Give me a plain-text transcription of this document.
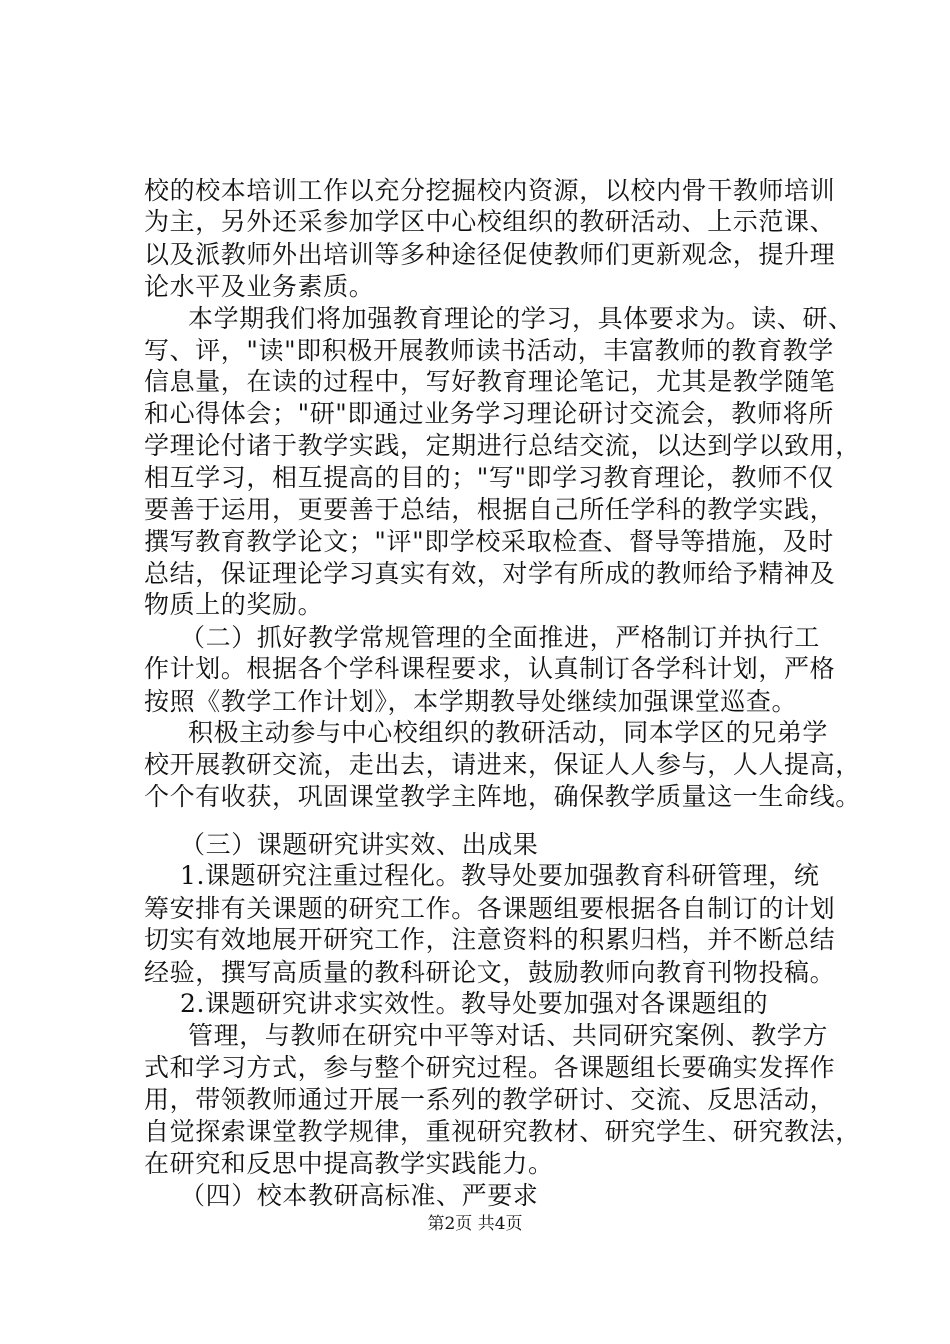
校的校本培训工作以充分挖掘校内资源，以校内骨干教师培训
为主，另外还采参加学区中心校组织的教研活动、上示范课、
以及派教师外出培训等多种途径促使教师们更新观念，提升理
论水平及业务素质。
本学期我们将加强教育理论的学习，具体要求为。读、研、
写、评，"读"即积极开展教师读书活动，丰富教师的教育教学
信息量，在读的过程中，写好教育理论笔记，尤其是教学随笔
和心得体会；"研"即通过业务学习理论研讨交流会，教师将所
学理论付诸于教学实践，定期进行总结交流，以达到学以致用，
相互学习，相互提高的目的；"写"即学习教育理论，教师不仅
要善于运用，更要善于总结，根据自己所任学科的教学实践，
撰写教育教学论文；"评"即学校采取检查、督导等措施，及时
总结，保证理论学习真实有效，对学有所成的教师给予精神及
物质上的奖励。
（二）抓好教学常规管理的全面推进，严格制订并执行工
作计划。根据各个学科课程要求，认真制订各学科计划，严格
按照《教学工作计划》，本学期教导处继续加强课堂巡查。
积极主动参与中心校组织的教研活动，同本学区的兄弟学
校开展教研交流，走出去，请进来，保证人人参与，人人提高，
个个有收获，巩固课堂教学主阵地，确保教学质量这一生命线。
（三）课题研究讲实效、出成果
1.课题研究注重过程化。教导处要加强教育科研管理，统
筹安排有关课题的研究工作。各课题组要根据各自制订的计划
切实有效地展开研究工作，注意资料的积累归档，并不断总结
经验，撰写高质量的教科研论文，鼓励教师向教育刊物投稿。
2.课题研究讲求实效性。教导处要加强对各课题组的
管理，与教师在研究中平等对话、共同研究案例、教学方
式和学习方式，参与整个研究过程。各课题组长要确实发挥作
用，带领教师通过开展一系列的教学研讨、交流、反思活动，
自觉探索课堂教学规律，重视研究教材、研究学生、研究教法，
在研究和反思中提高教学实践能力。
（四）校本教研高标准、严要求
第2页 共4页
